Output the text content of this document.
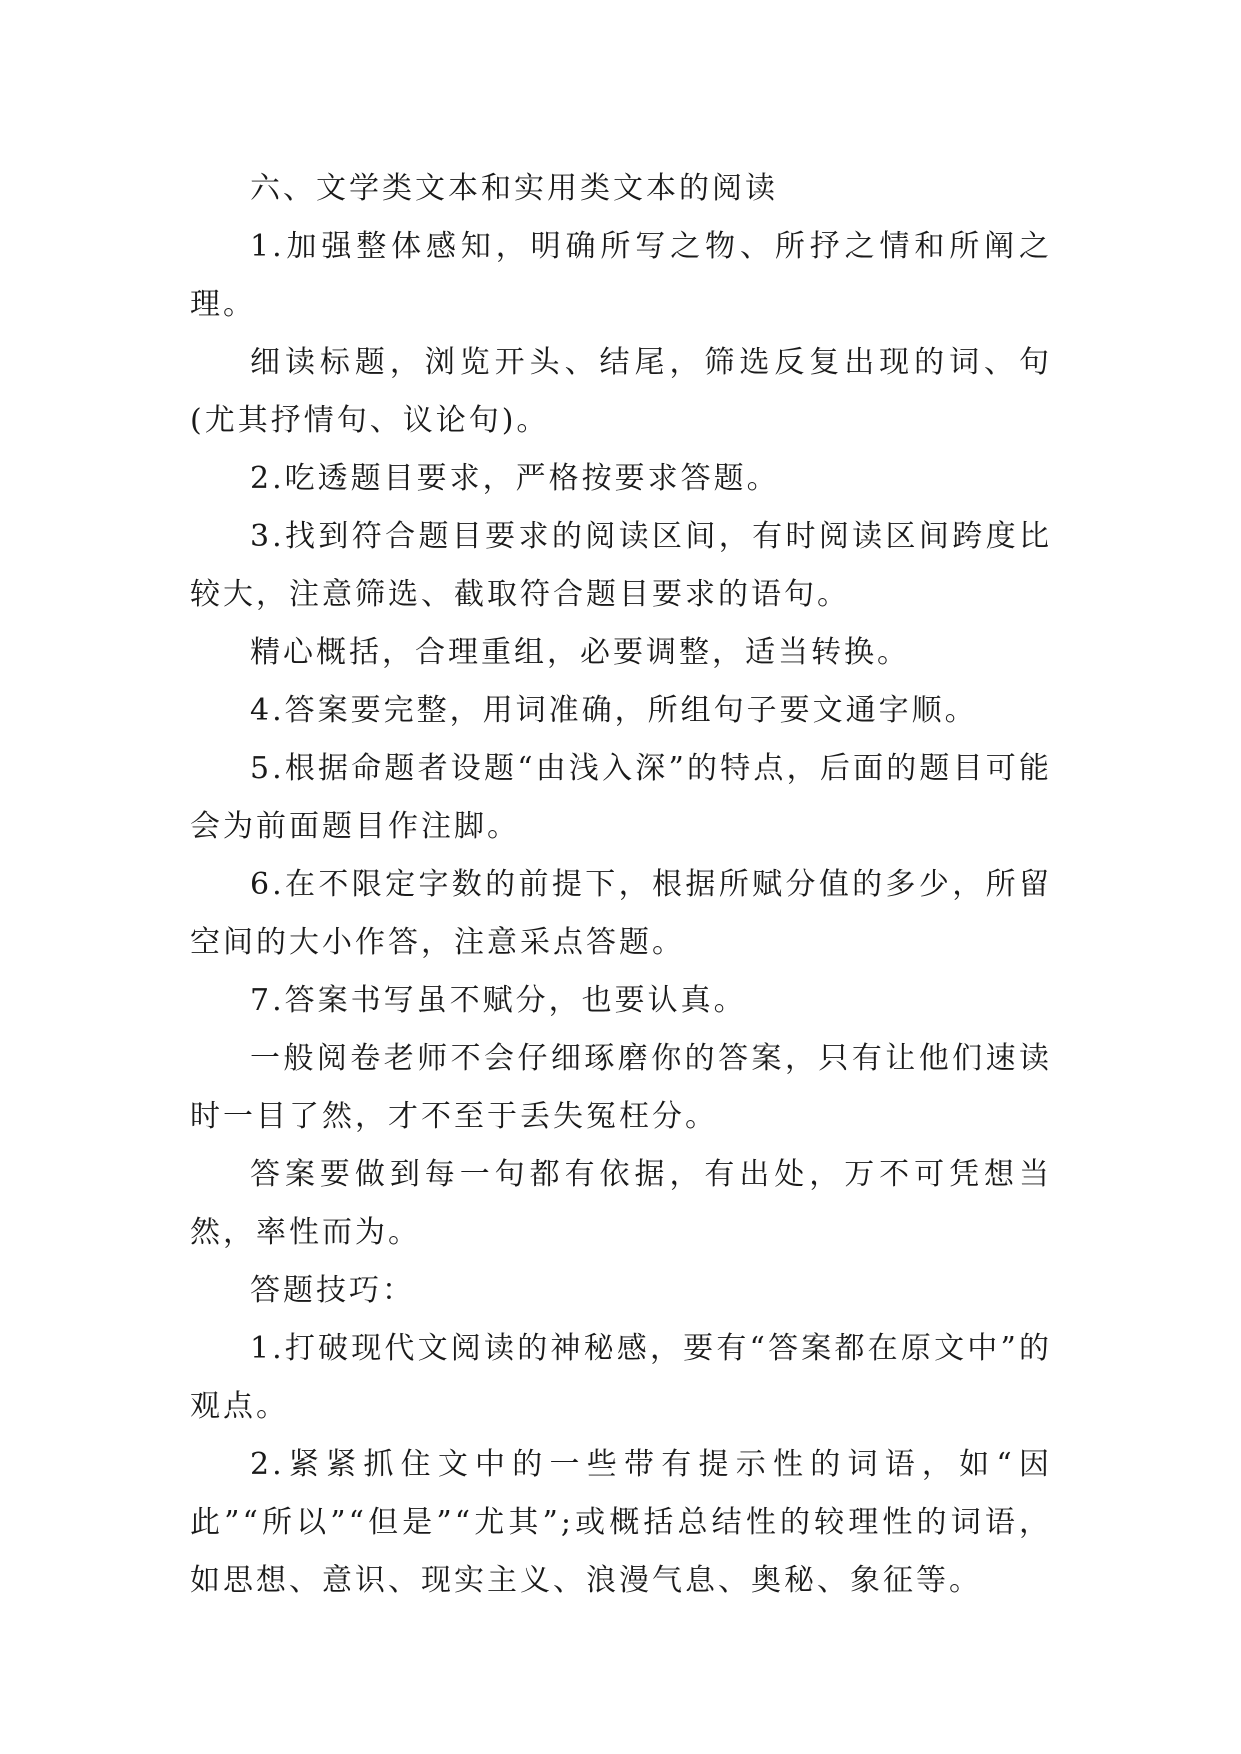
六、文学类文本和实用类文本的阅读

1.加强整体感知，明确所写之物、所抒之情和所阐之理。

细读标题，浏览开头、结尾，筛选反复出现的词、句(尤其抒情句、议论句)。

2.吃透题目要求，严格按要求答题。

3.找到符合题目要求的阅读区间，有时阅读区间跨度比较大，注意筛选、截取符合题目要求的语句。

精心概括，合理重组，必要调整，适当转换。

4.答案要完整，用词准确，所组句子要文通字顺。

5.根据命题者设题“由浅入深”的特点，后面的题目可能会为前面题目作注脚。

6.在不限定字数的前提下，根据所赋分值的多少，所留空间的大小作答，注意采点答题。

7.答案书写虽不赋分，也要认真。

一般阅卷老师不会仔细琢磨你的答案，只有让他们速读时一目了然，才不至于丢失冤枉分。

答案要做到每一句都有依据，有出处，万不可凭想当然，率性而为。

答题技巧：

1.打破现代文阅读的神秘感，要有“答案都在原文中”的观点。

2.紧紧抓住文中的一些带有提示性的词语，如“因此”“所以”“但是”“尤其”;或概括总结性的较理性的词语，如思想、意识、现实主义、浪漫气息、奥秘、象征等。
